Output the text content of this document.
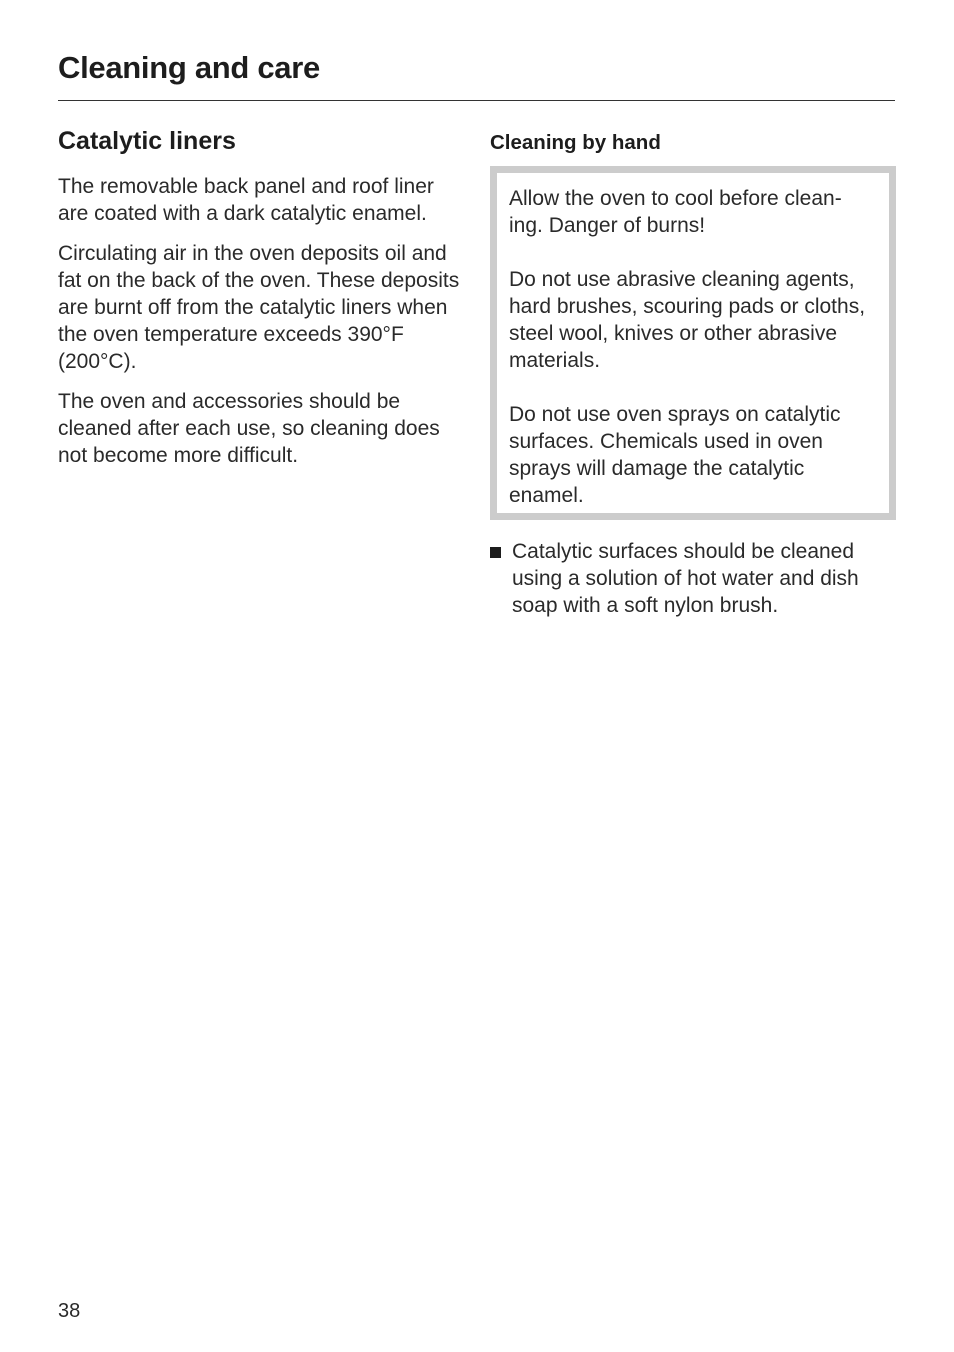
Cleaning and care
Catalytic liners

The removable back panel and roof liner are coated with a dark catalytic enamel.

Circulating air in the oven deposits oil and fat on the back of the oven. These deposits are burnt off from the catalytic liners when the oven temperature exceeds 390°F (200°C).

The oven and accessories should be cleaned after each use, so cleaning does not become more difficult.

Cleaning by hand

Allow the oven to cool before clean- ing. Danger of burns!

Do not use abrasive cleaning agents, hard brushes, scouring pads or cloths, steel wool, knives or other abrasive materials.

Do not use oven sprays on catalytic surfaces. Chemicals used in oven sprays will damage the catalytic enamel.

Catalytic surfaces should be cleaned using a solution of hot water and dish soap with a soft nylon brush.
38
